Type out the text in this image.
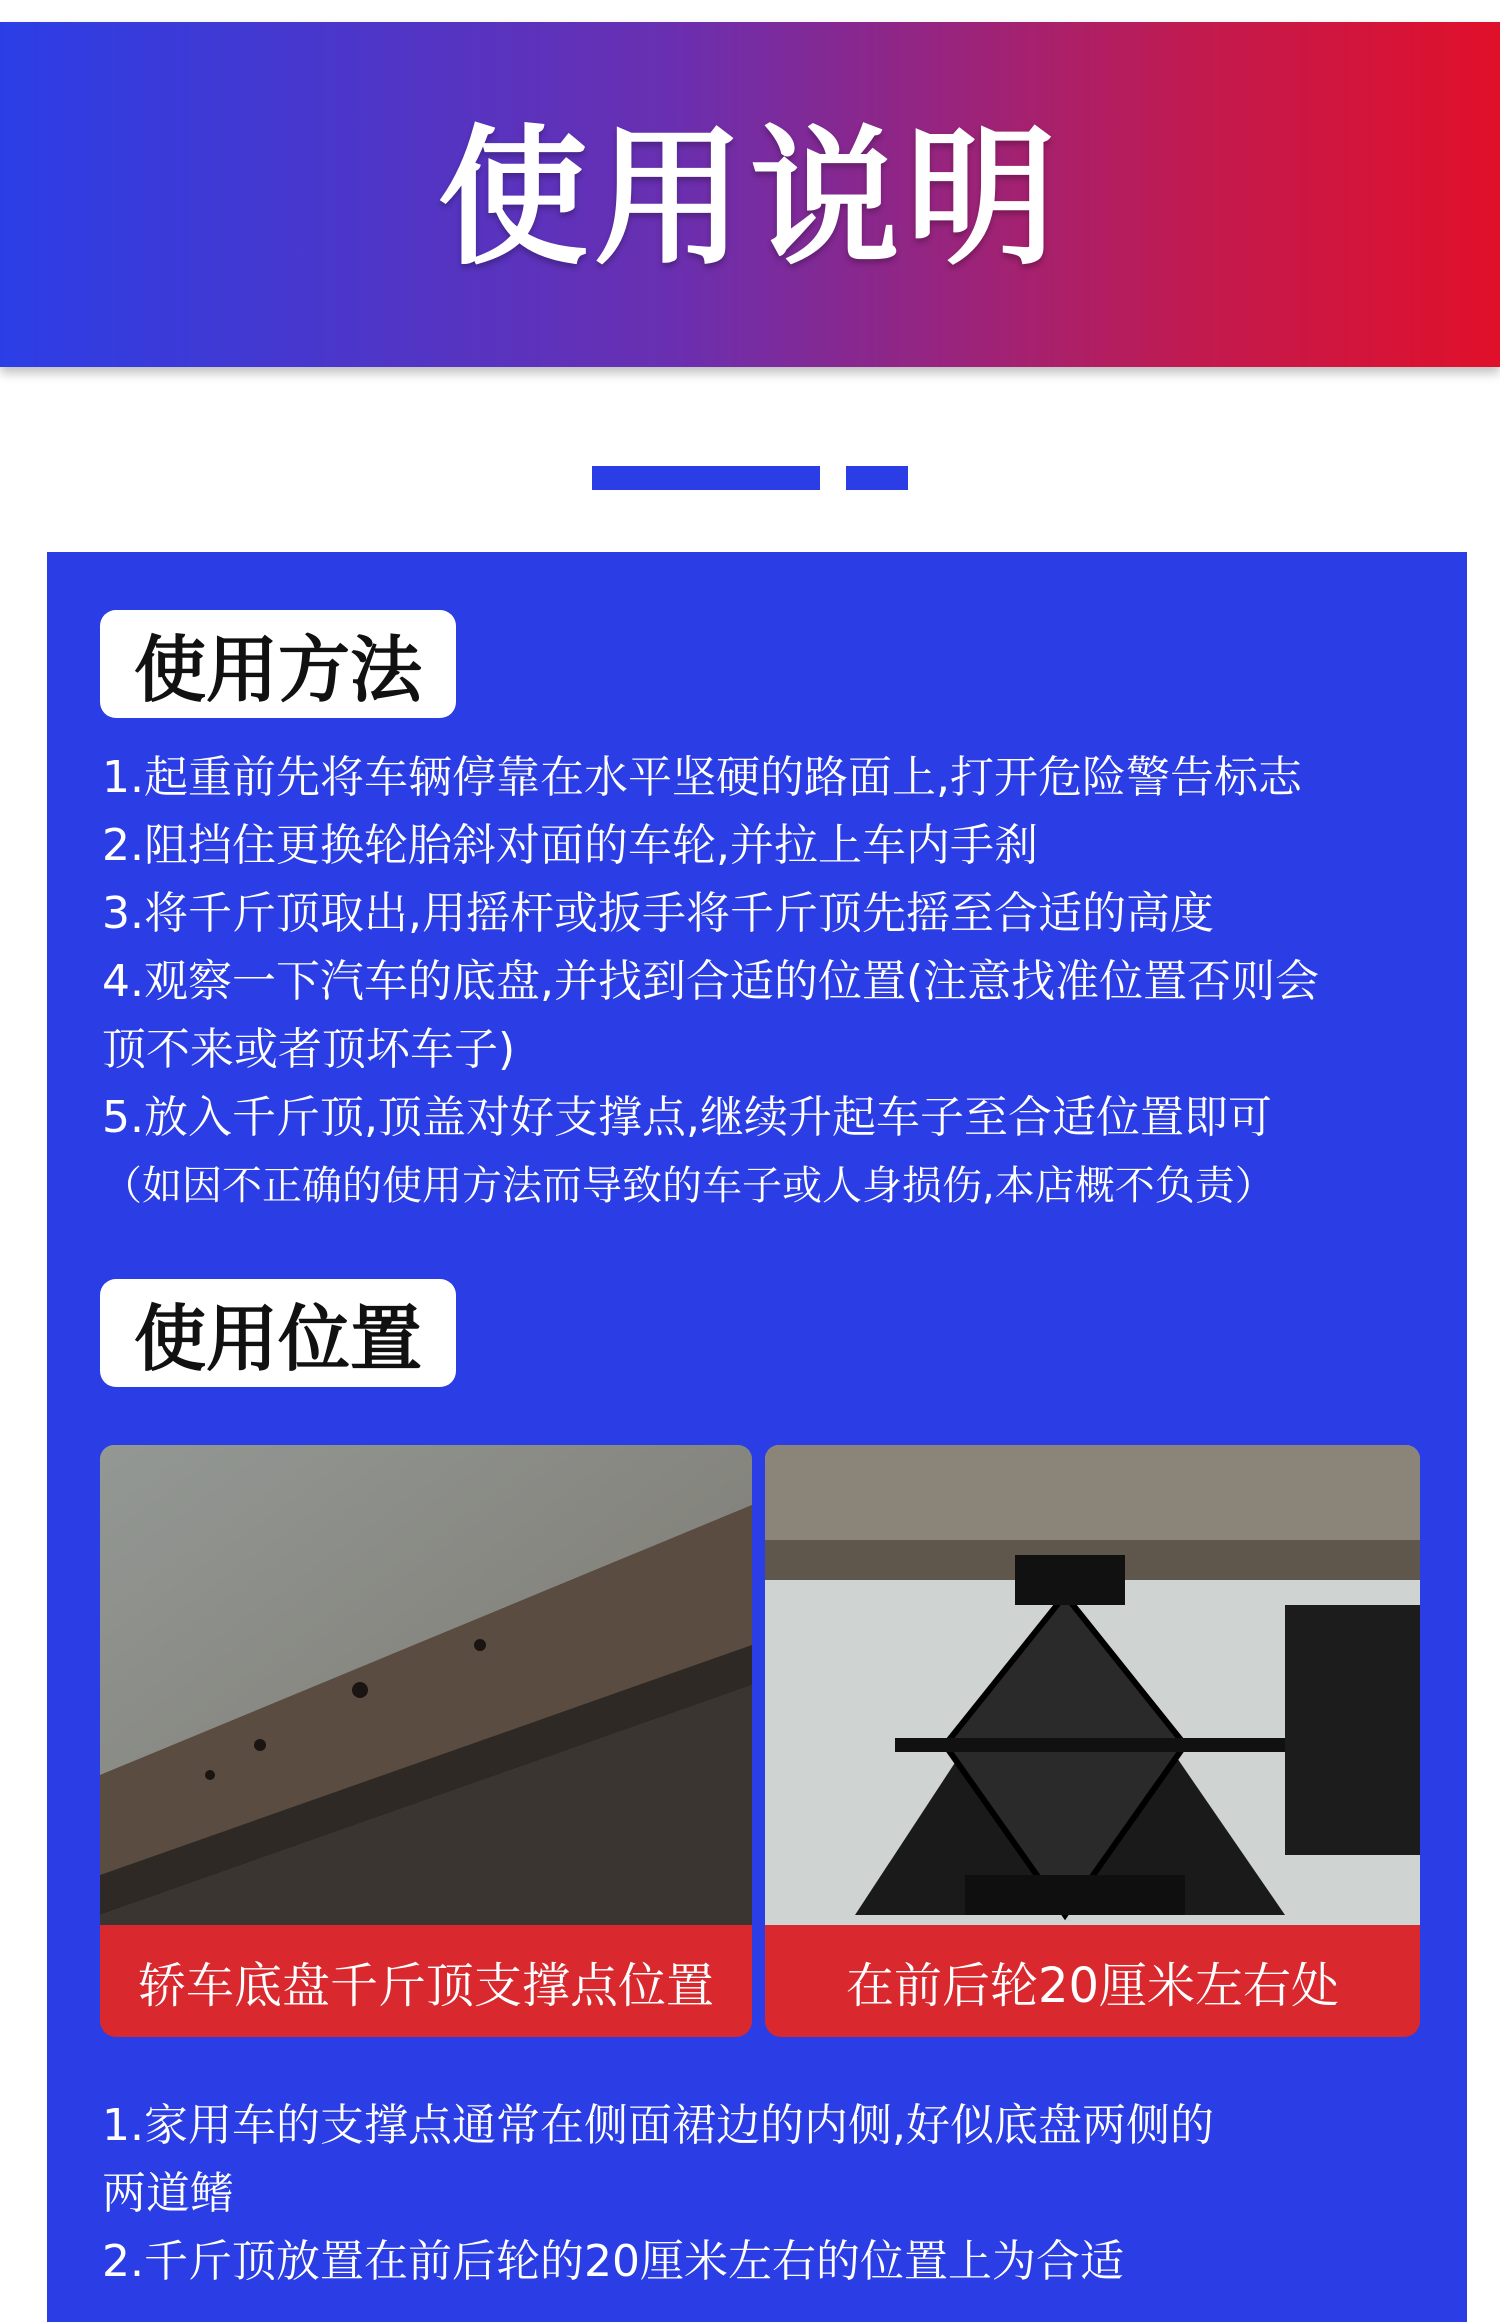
使用说明
使用方法
1.起重前先将车辆停靠在水平坚硬的路面上,打开危险警告标志
2.阻挡住更换轮胎斜对面的车轮,并拉上车内手刹
3.将千斤顶取出,用摇杆或扳手将千斤顶先摇至合适的高度
4.观察一下汽车的底盘,并找到合适的位置(注意找准位置否则会
顶不来或者顶坏车子)
5.放入千斤顶,顶盖对好支撑点,继续升起车子至合适位置即可
（如因不正确的使用方法而导致的车子或人身损伤,本店概不负责）
使用位置
轿车底盘千斤顶支撑点位置	在前后轮20厘米左右处
1.家用车的支撑点通常在侧面裙边的内侧,好似底盘两侧的
两道鳍
2.千斤顶放置在前后轮的20厘米左右的位置上为合适
